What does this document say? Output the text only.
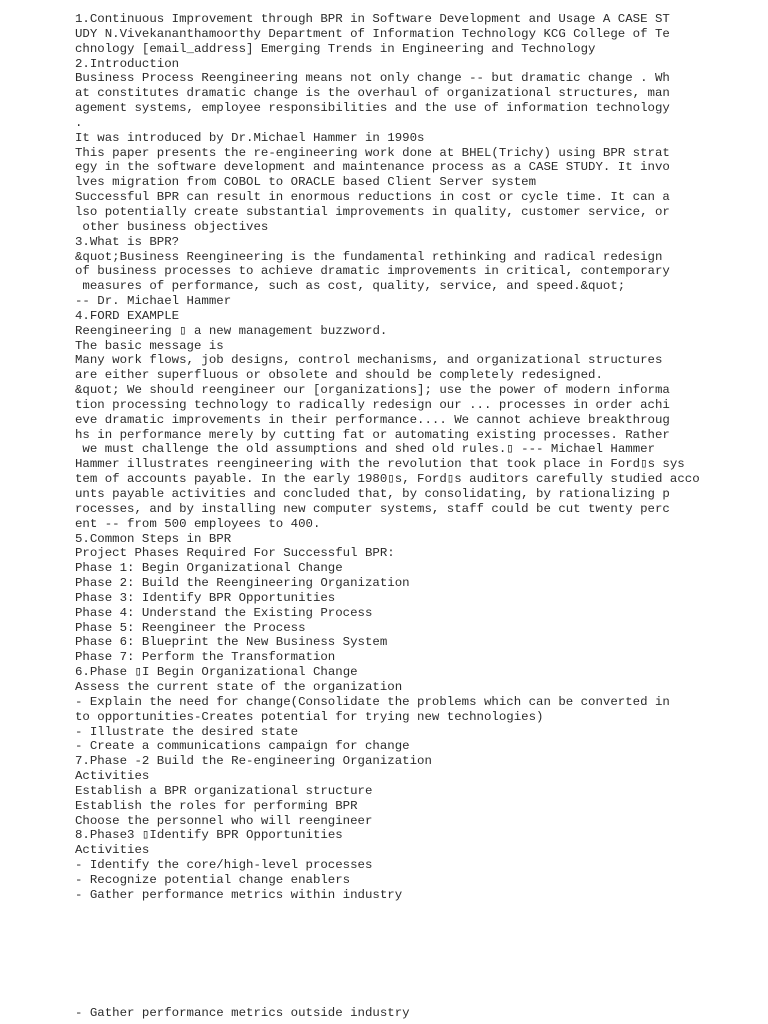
1.Continuous Improvement through BPR in Software Development and Usage A CASE ST
UDY N.Vivekananthamoorthy Department of Information Technology KCG College of Te
chnology [email_address] Emerging Trends in Engineering and Technology
2.Introduction
Business Process Reengineering means not only change -- but dramatic change . Wh
at constitutes dramatic change is the overhaul of organizational structures, man
agement systems, employee responsibilities and the use of information technology
.
It was introduced by Dr.Michael Hammer in 1990s
This paper presents the re-engineering work done at BHEL(Trichy) using BPR strat
egy in the software development and maintenance process as a CASE STUDY. It invo
lves migration from COBOL to ORACLE based Client Server system
Successful BPR can result in enormous reductions in cost or cycle time. It can a
lso potentially create substantial improvements in quality, customer service, or
other business objectives
3.What is BPR?
&quot;Business Reengineering is the fundamental rethinking and radical redesign
of business processes to achieve dramatic improvements in critical, contemporary
measures of performance, such as cost, quality, service, and speed.&quot;
-- Dr. Michael Hammer
4.FORD EXAMPLE
Reengineering ▯ a new management buzzword.
The basic message is
Many work flows, job designs, control mechanisms, and organizational structures
are either superfluous or obsolete and should be completely redesigned.
&quot; We should reengineer our [organizations]; use the power of modern informa
tion processing technology to radically redesign our ... processes in order achi
eve dramatic improvements in their performance.... We cannot achieve breakthroug
hs in performance merely by cutting fat or automating existing processes. Rather
we must challenge the old assumptions and shed old rules.▯ --- Michael Hammer
Hammer illustrates reengineering with the revolution that took place in Ford▯s sys
tem of accounts payable. In the early 1980▯s, Ford▯s auditors carefully studied acco
unts payable activities and concluded that, by consolidating, by rationalizing p
rocesses, and by installing new computer systems, staff could be cut twenty perc
ent -- from 500 employees to 400.
5.Common Steps in BPR
Project Phases Required For Successful BPR:
Phase 1: Begin Organizational Change
Phase 2: Build the Reengineering Organization
Phase 3: Identify BPR Opportunities
Phase 4: Understand the Existing Process
Phase 5: Reengineer the Process
Phase 6: Blueprint the New Business System
Phase 7: Perform the Transformation
6.Phase ▯I Begin Organizational Change
Assess the current state of the organization
- Explain the need for change(Consolidate the problems which can be converted in
to opportunities-Creates potential for trying new technologies)
- Illustrate the desired state
- Create a communications campaign for change
7.Phase -2 Build the Re-engineering Organization
Activities
Establish a BPR organizational structure
Establish the roles for performing BPR
Choose the personnel who will reengineer
8.Phase3 ▯Identify BPR Opportunities
Activities
- Identify the core/high-level processes
- Recognize potential change enablers
- Gather performance metrics within industry
- Gather performance metrics outside industry
